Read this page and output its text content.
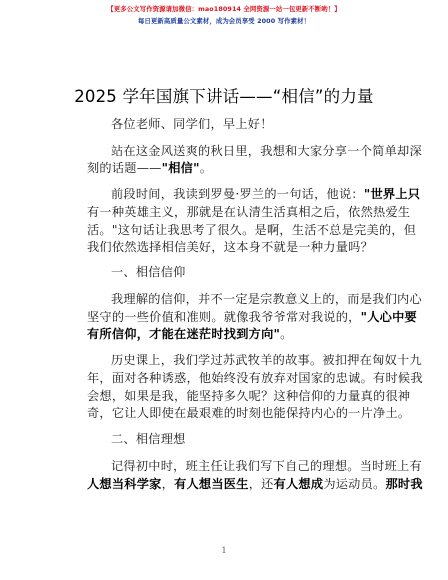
【更多公文写作资源请加微信：mao180914 全网资源一站一包更新不断哟！】
每日更新高质量公文素材，成为会员享受 2000 写作素材！
2025 学年国旗下讲话——“相信”的力量
各位老师、同学们，早上好！
站在这金风送爽的秋日里，我想和大家分享一个简单却深
刻的话题——"相信"。
前段时间，我读到罗曼·罗兰的一句话，他说："世界上只
有一种英雄主义，那就是在认清生活真相之后，依然热爱生
活。"这句话让我思考了很久。是啊，生活不总是完美的，但
我们依然选择相信美好，这本身不就是一种力量吗？
一、相信信仰
我理解的信仰，并不一定是宗教意义上的，而是我们内心
坚守的一些价值和准则。就像我爷爷常对我说的，"人心中要
有所信仰，才能在迷茫时找到方向"。
历史课上，我们学过苏武牧羊的故事。被扣押在匈奴十九
年，面对各种诱惑，他始终没有放弃对国家的忠诚。有时候我
会想，如果是我，能坚持多久呢？这种信仰的力量真的很神
奇，它让人即使在最艰难的时刻也能保持内心的一片净土。
二、相信理想
记得初中时，班主任让我们写下自己的理想。当时班上有
人想当科学家，有人想当医生，还有人想成为运动员。那时我
1
